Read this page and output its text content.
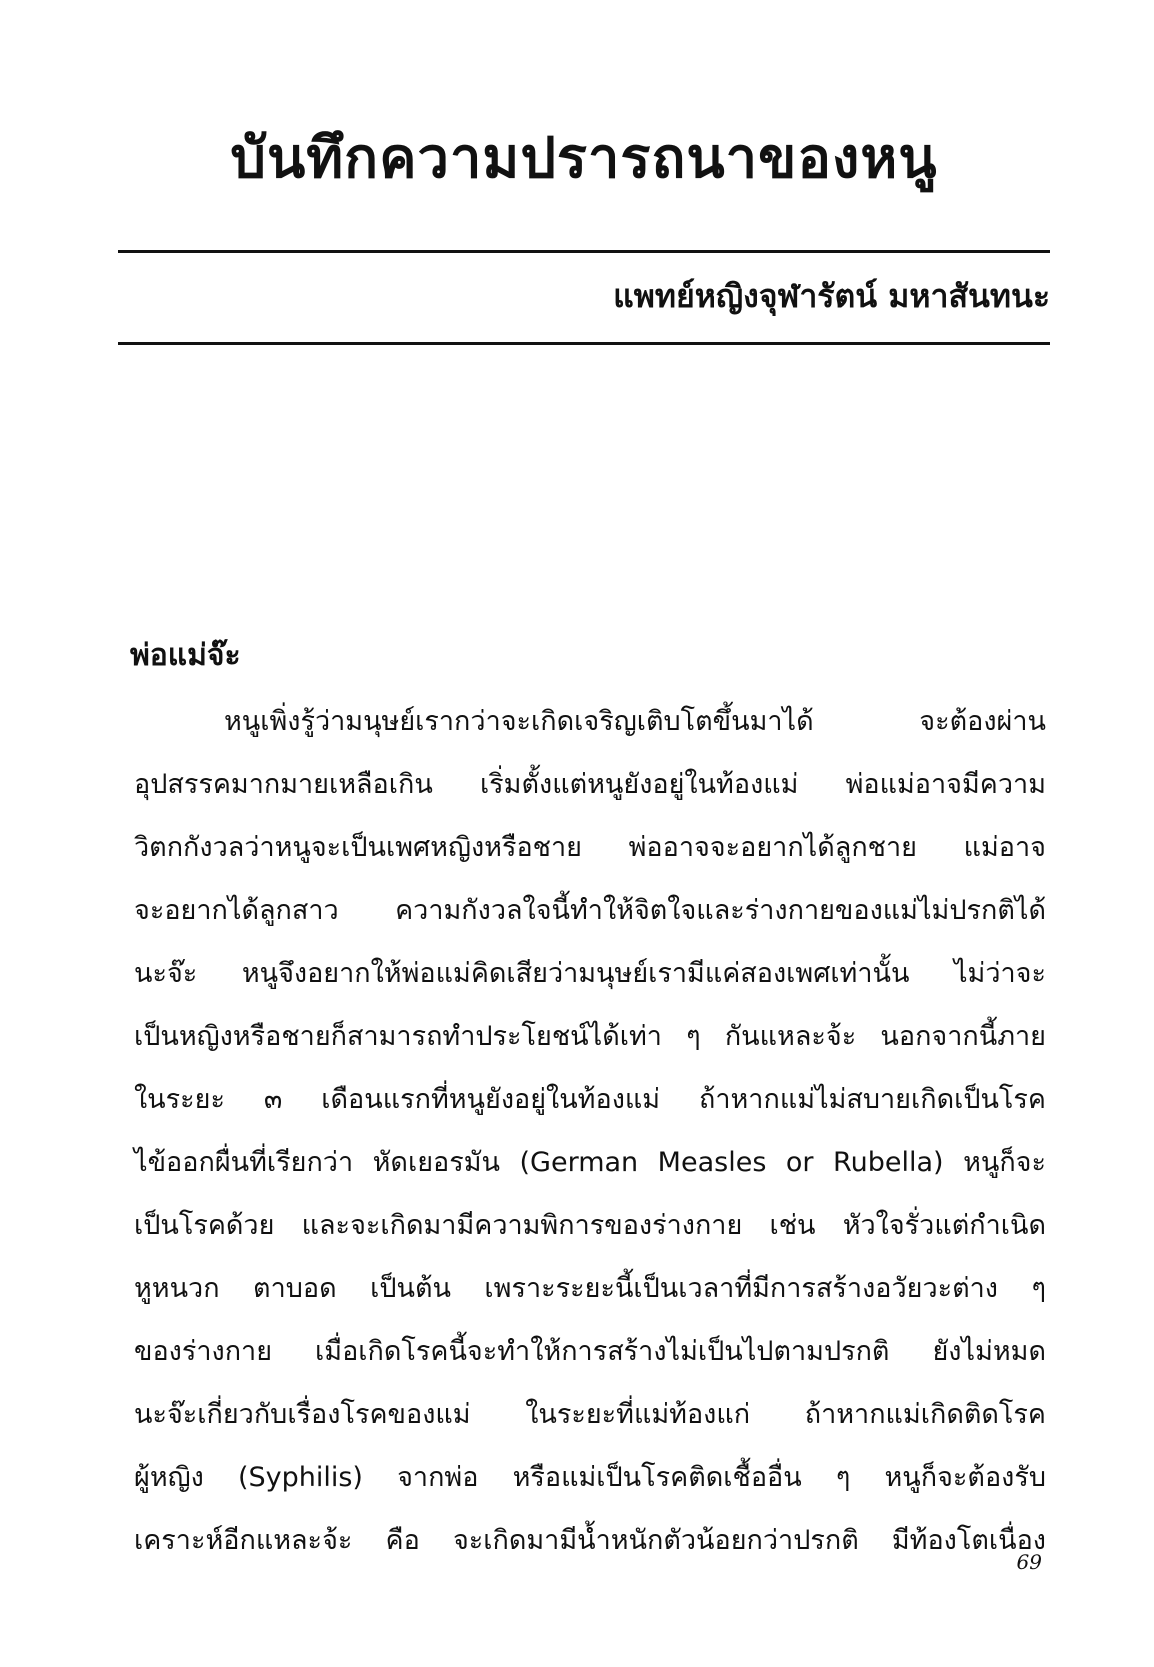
บันทึกความปรารถนาของหนู
แพทย์หญิงจุฬารัตน์ มหาสันทนะ
พ่อแม่จ๊ะ
หนูเพิ่งรู้ว่ามนุษย์เรากว่าจะเกิดเจริญเติบโตขึ้นมาได้ จะต้องผ่าน
อุปสรรคมากมายเหลือเกิน เริ่มตั้งแต่หนูยังอยู่ในท้องแม่ พ่อแม่อาจมีความ
วิตกกังวลว่าหนูจะเป็นเพศหญิงหรือชาย พ่ออาจจะอยากได้ลูกชาย แม่อาจ
จะอยากได้ลูกสาว ความกังวลใจนี้ทำให้จิตใจและร่างกายของแม่ไม่ปรกติได้
นะจ๊ะ หนูจึงอยากให้พ่อแม่คิดเสียว่ามนุษย์เรามีแค่สองเพศเท่านั้น ไม่ว่าจะ
เป็นหญิงหรือชายก็สามารถทำประโยชน์ได้เท่า ๆ กันแหละจ้ะ นอกจากนี้ภาย
ในระยะ ๓ เดือนแรกที่หนูยังอยู่ในท้องแม่ ถ้าหากแม่ไม่สบายเกิดเป็นโรค
ไข้ออกผื่นที่เรียกว่า หัดเยอรมัน (German Measles or Rubella) หนูก็จะ
เป็นโรคด้วย และจะเกิดมามีความพิการของร่างกาย เช่น หัวใจรั่วแต่กำเนิด
หูหนวก ตาบอด เป็นต้น เพราะระยะนี้เป็นเวลาที่มีการสร้างอวัยวะต่าง ๆ
ของร่างกาย เมื่อเกิดโรคนี้จะทำให้การสร้างไม่เป็นไปตามปรกติ ยังไม่หมด
นะจ๊ะเกี่ยวกับเรื่องโรคของแม่ ในระยะที่แม่ท้องแก่ ถ้าหากแม่เกิดติดโรค
ผู้หญิง (Syphilis) จากพ่อ หรือแม่เป็นโรคติดเชื้ออื่น ๆ หนูก็จะต้องรับ
เคราะห์อีกแหละจ้ะ คือ จะเกิดมามีน้ำหนักตัวน้อยกว่าปรกติ มีท้องโตเนื่อง
69
